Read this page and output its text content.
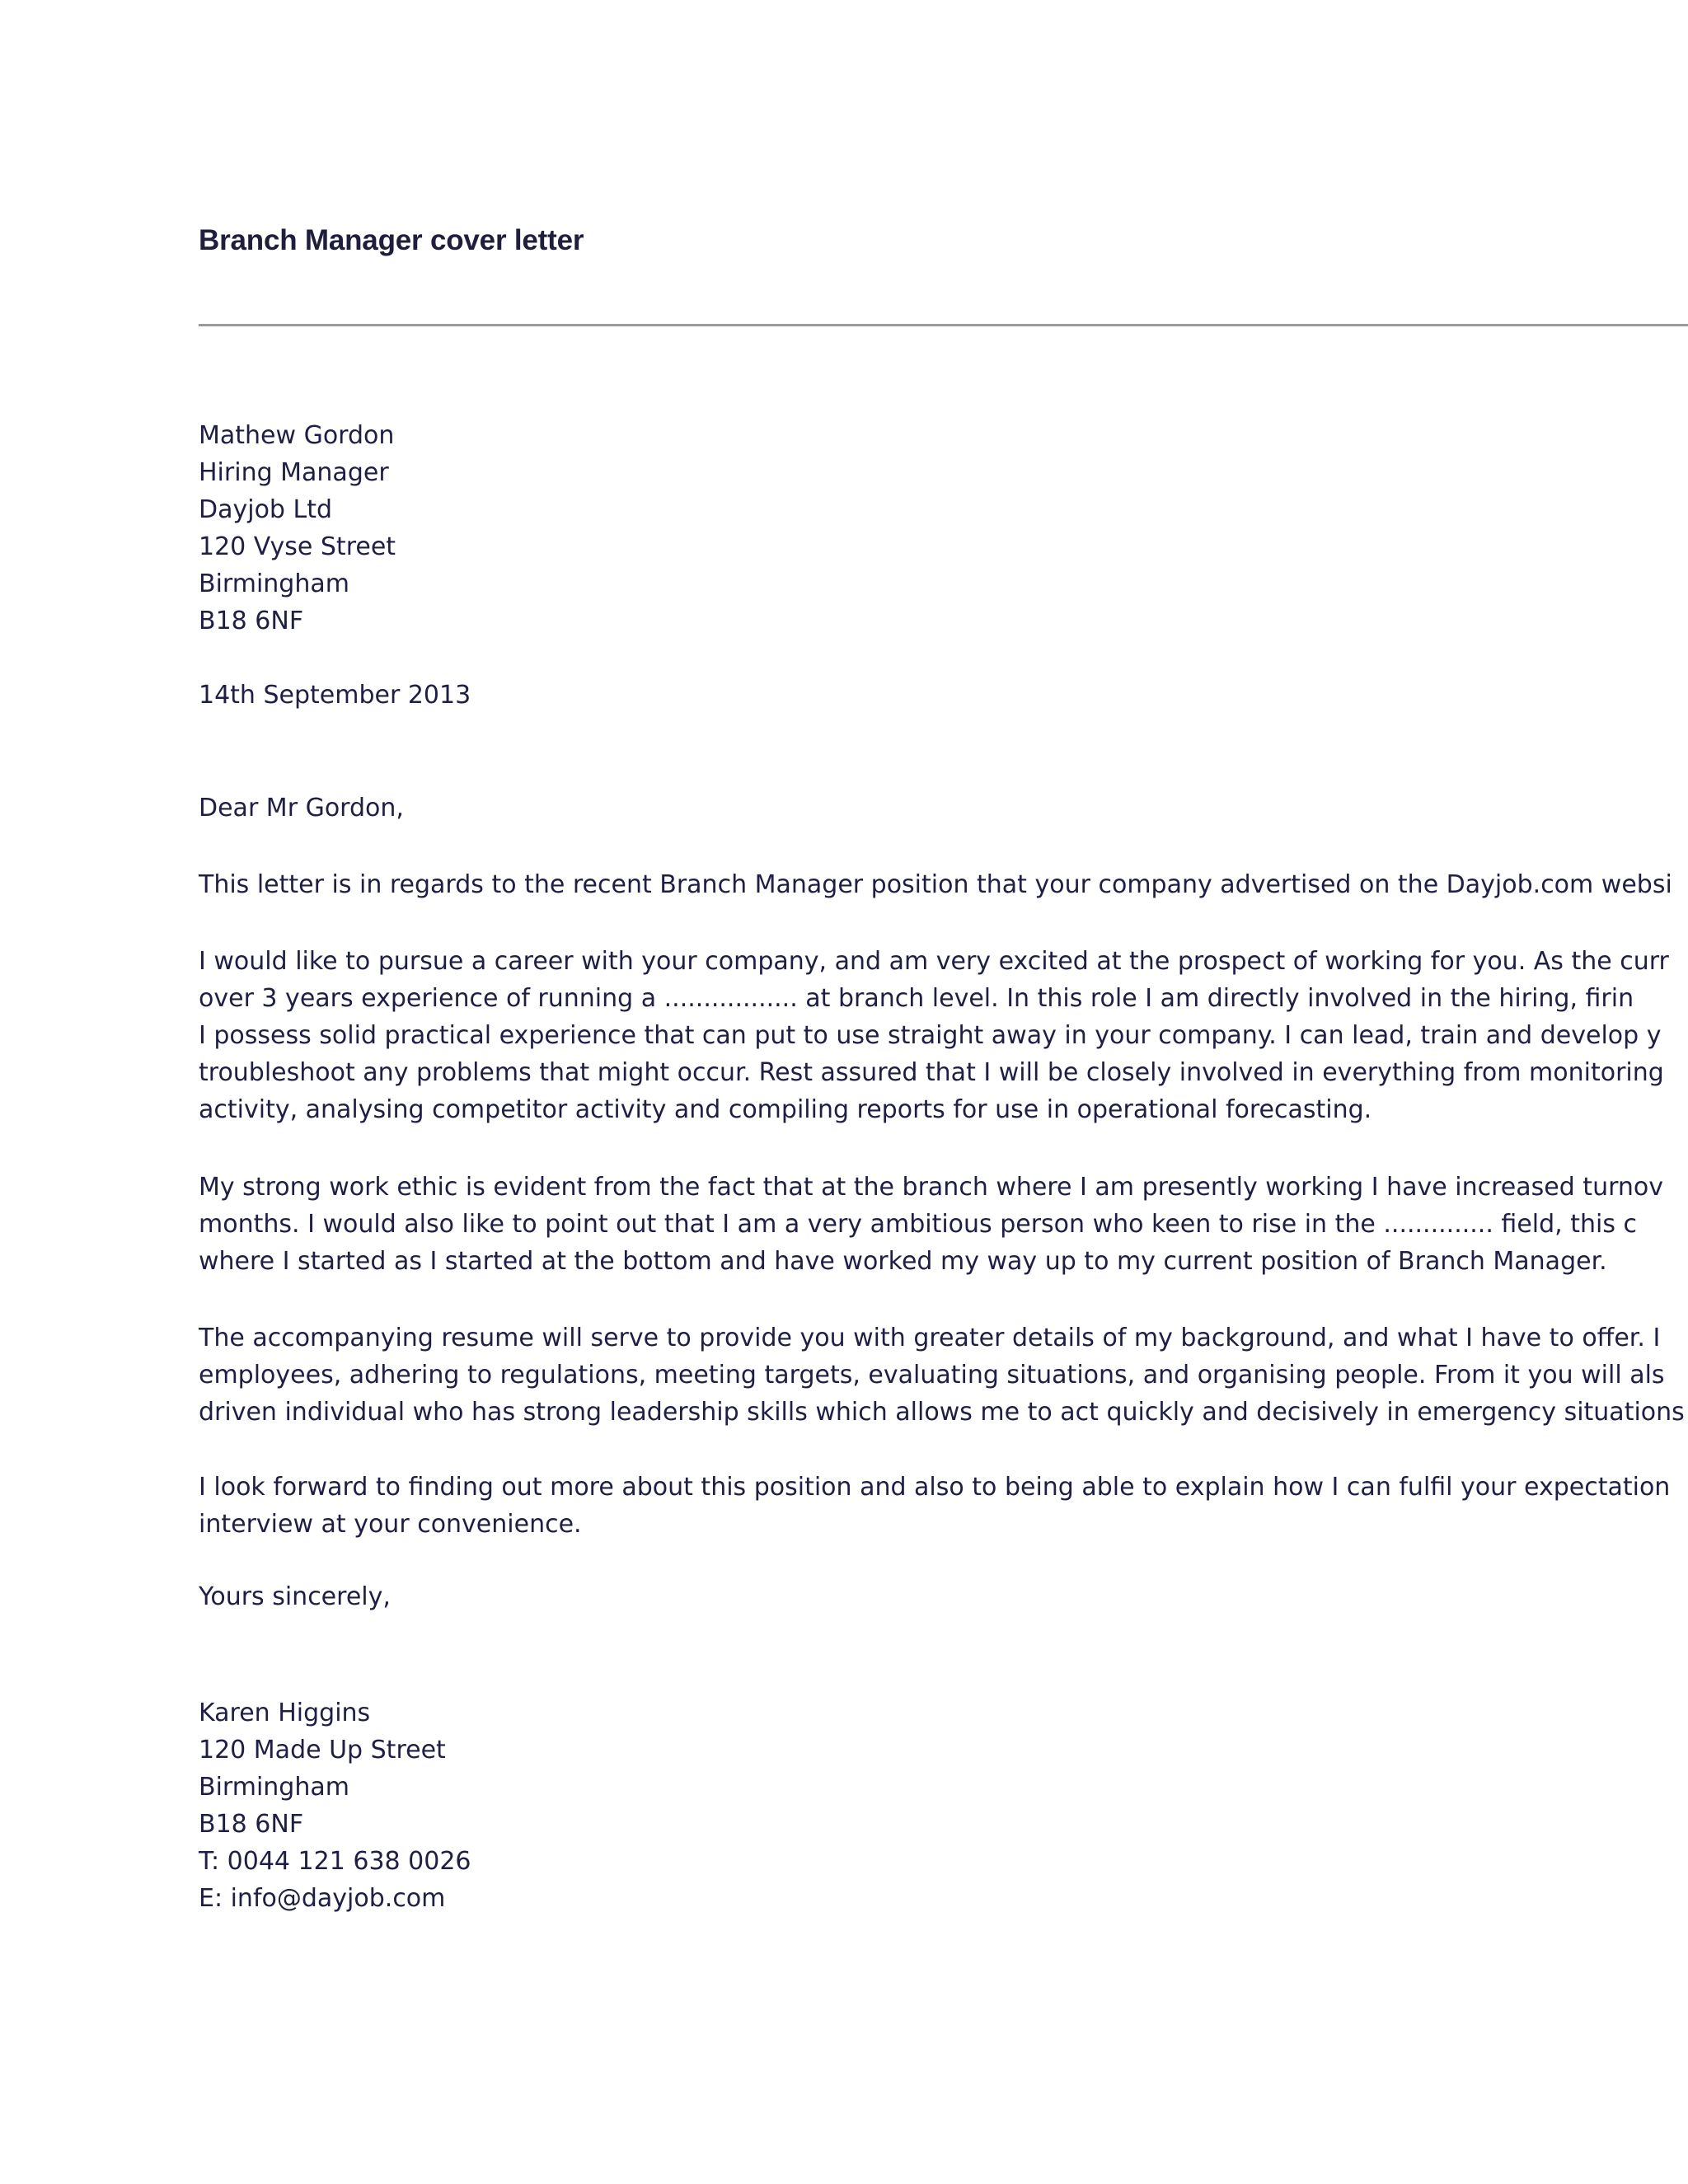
Branch Manager cover letter
Mathew Gordon
Hiring Manager
Dayjob Ltd
120 Vyse Street
Birmingham
B18 6NF
14th September 2013
Dear Mr Gordon,
This letter is in regards to the recent Branch Manager position that your company advertised on the Dayjob.com websi
I would like to pursue a career with your company, and am very excited at the prospect of working for you. As the curr
over 3 years experience of running a ................. at branch level. In this role I am directly involved in the hiring, firin
I possess solid practical experience that can put to use straight away in your company. I can lead, train and develop y
troubleshoot any problems that might occur. Rest assured that I will be closely involved in everything from monitoring
activity, analysing competitor activity and compiling reports for use in operational forecasting.
My strong work ethic is evident from the fact that at the branch where I am presently working I have increased turnov
months. I would also like to point out that I am a very ambitious person who keen to rise in the .............. field, this c
where I started as I started at the bottom and have worked my way up to my current position of Branch Manager.
The accompanying resume will serve to provide you with greater details of my background, and what I have to offer. I
employees, adhering to regulations, meeting targets, evaluating situations, and organising people. From it you will als
driven individual who has strong leadership skills which allows me to act quickly and decisively in emergency situations
I look forward to finding out more about this position and also to being able to explain how I can fulfil your expectation
interview at your convenience.
Yours sincerely,
Karen Higgins
120 Made Up Street
Birmingham
B18 6NF
T: 0044 121 638 0026
E: info@dayjob.com
